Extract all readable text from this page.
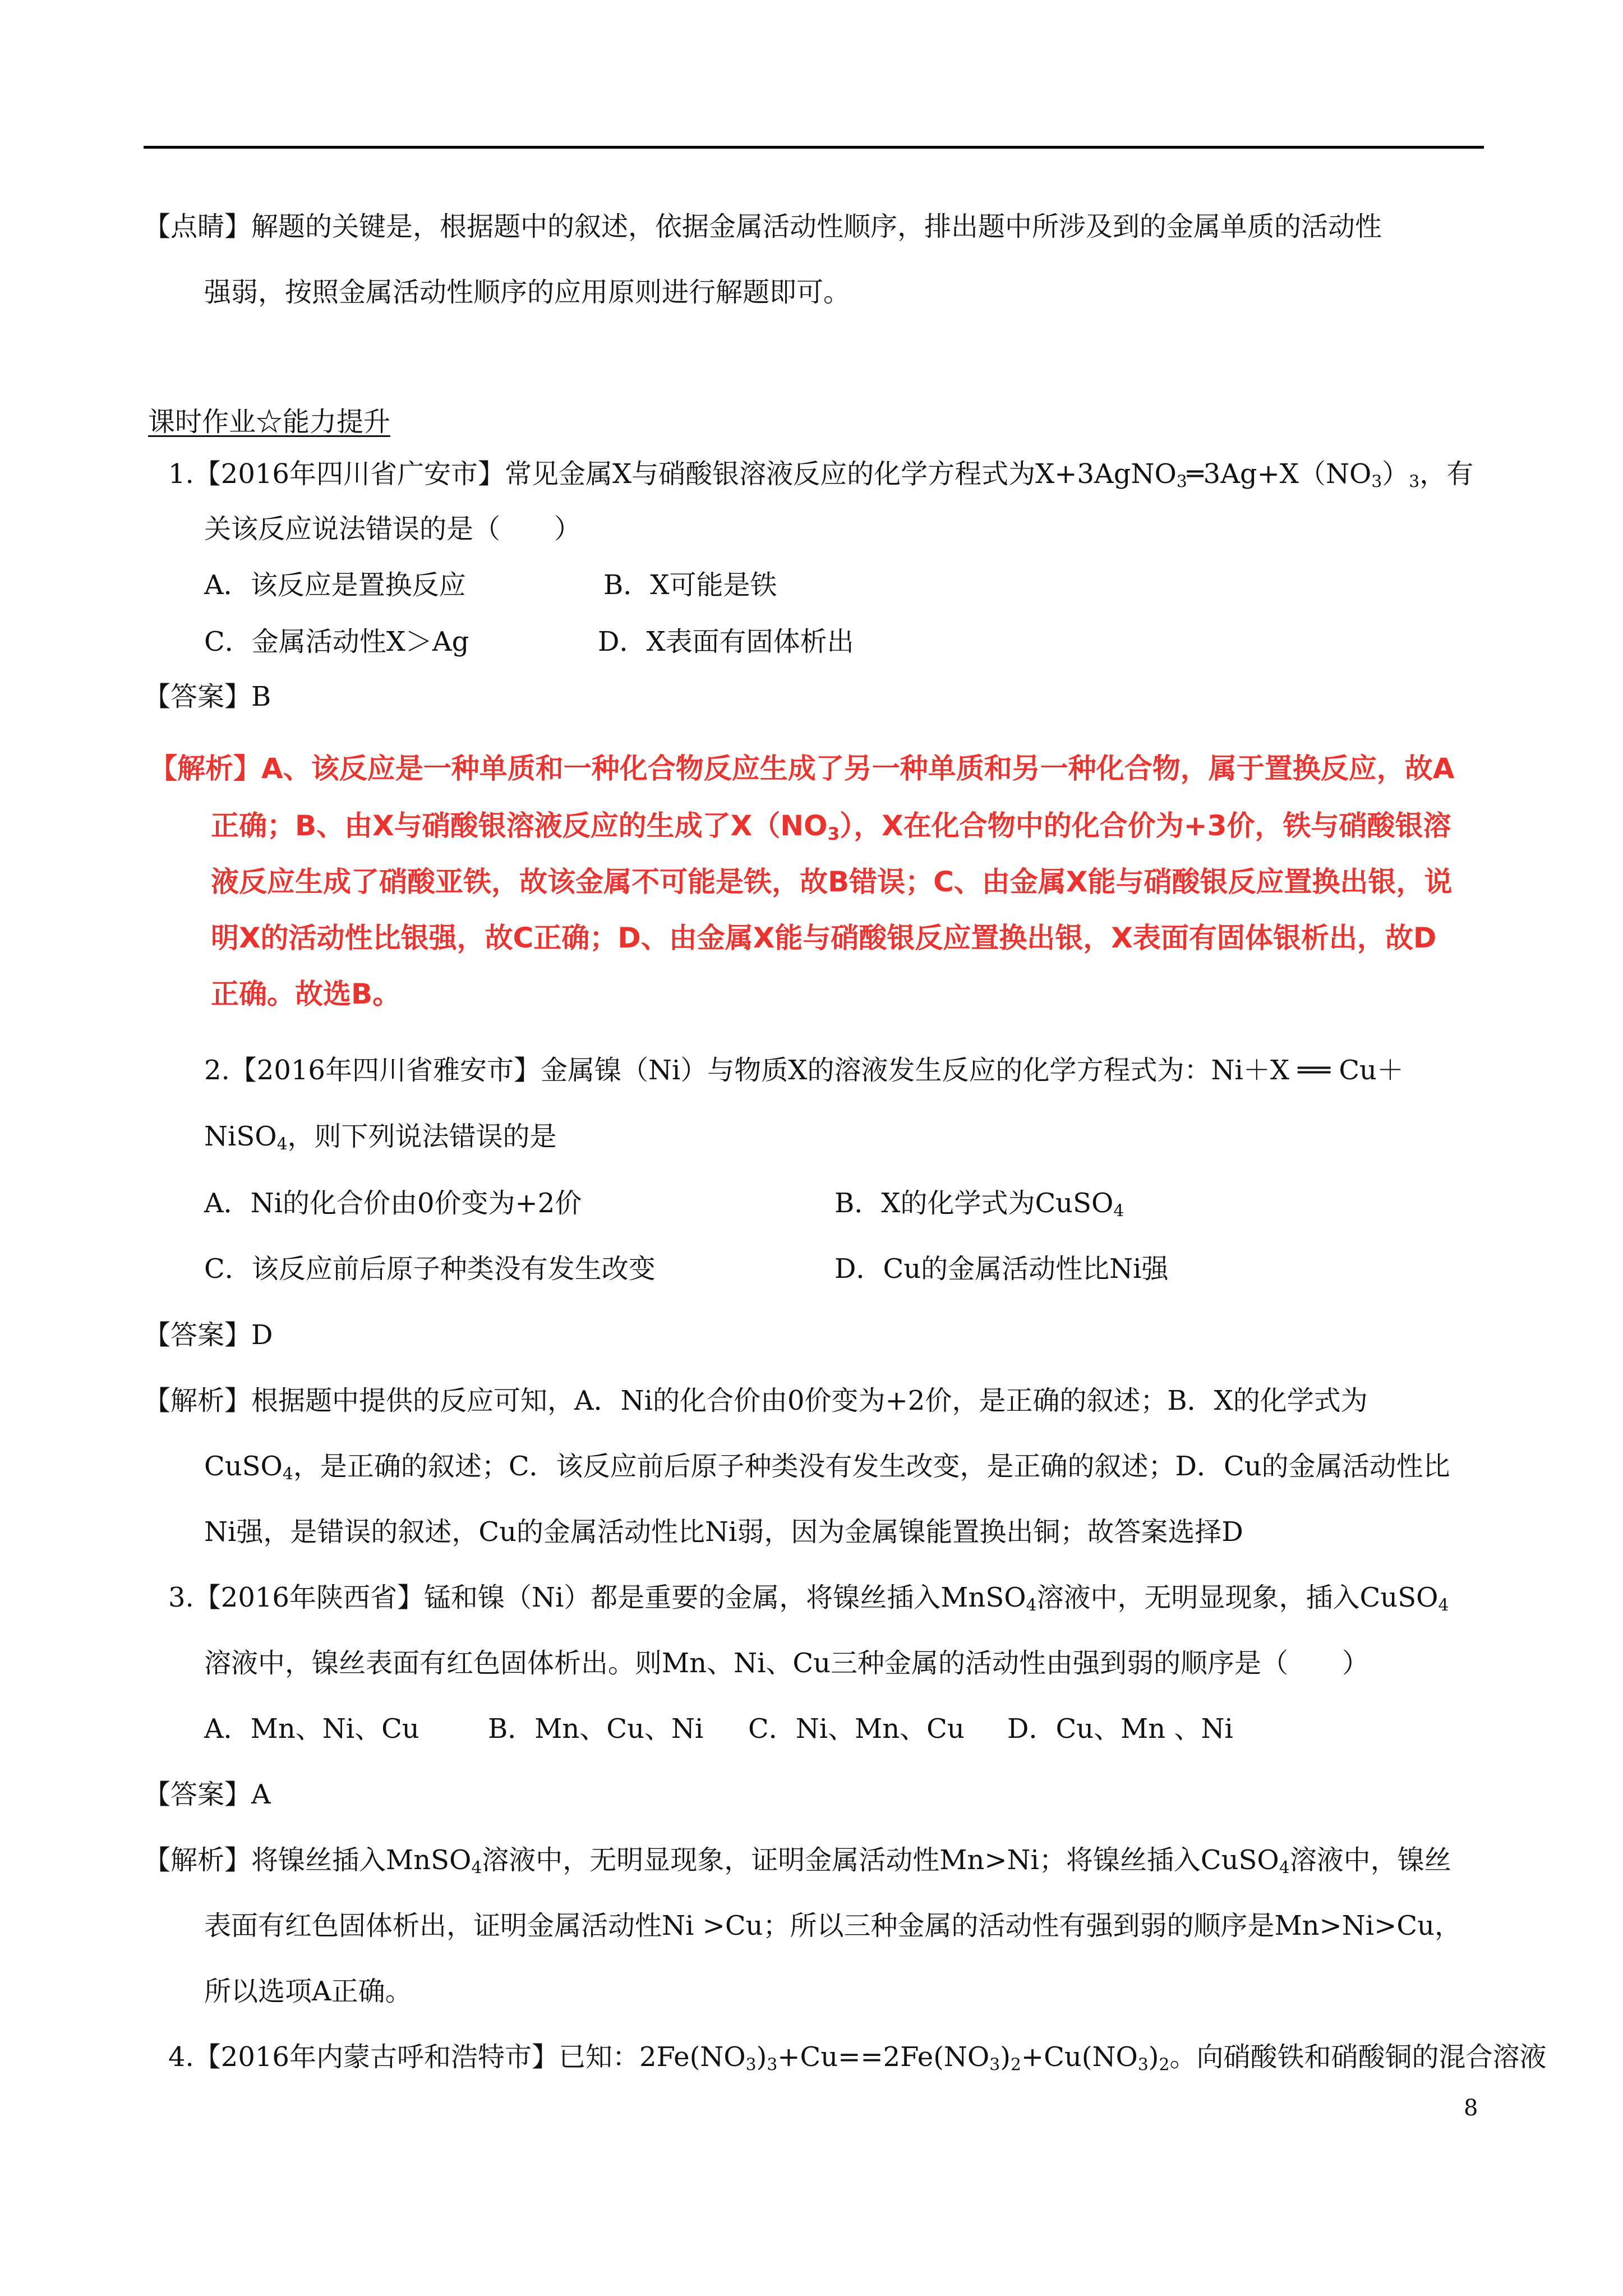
【点睛】解题的关键是，根据题中的叙述，依据金属活动性顺序，排出题中所涉及到的金属单质的活动性
强弱，按照金属活动性顺序的应用原则进行解题即可。
课时作业☆能力提升
1.【2016年四川省广安市】常见金属X与硝酸银溶液反应的化学方程式为$X+3AgNO_3═3Ag+X(NO_3)_3$，有
关该反应说法错误的是（　　）
A．该反应是置换反应	B．X可能是铁
C．金属活动性X＞Ag	D．X表面有固体析出
【答案】B
【解析】A、该反应是一种单质和一种化合物反应生成了另一种单质和另一种化合物，属于置换反应，故A
正确；B、由X与硝酸银溶液反应的生成了$X(NO_3)$，X在化合物中的化合价为+3价，铁与硝酸银溶
液反应生成了硝酸亚铁，故该金属不可能是铁，故B错误；C、由金属X能与硝酸银反应置换出银，说
明X的活动性比银强，故C正确；D、由金属X能与硝酸银反应置换出银，X表面有固体银析出，故D
正确。故选B。
2.【2016年四川省雅安市】金属镍（Ni）与物质X的溶液发生反应的化学方程式为：Ni＋X ══ Cu＋
NiSO$_4$，则下列说法错误的是
A．Ni的化合价由0价变为+2价	B．X的化学式为CuSO$_4$
C．该反应前后原子种类没有发生改变	D．Cu的金属活动性比Ni强
【答案】D
【解析】根据题中提供的反应可知，A．Ni的化合价由0价变为+2价，是正确的叙述；B．X的化学式为
CuSO$_4$，是正确的叙述；C．该反应前后原子种类没有发生改变，是正确的叙述；D．Cu的金属活动性比
Ni强，是错误的叙述，Cu的金属活动性比Ni弱，因为金属镍能置换出铜；故答案选择D
3.【2016年陕西省】锰和镍（Ni）都是重要的金属，将镍丝插入MnSO$_4$溶液中，无明显现象，插入CuSO$_4$
溶液中，镍丝表面有红色固体析出。则Mn、Ni、Cu三种金属的活动性由强到弱的顺序是（　　）
A．Mn、Ni、Cu	B．Mn、Cu、Ni C．Ni、Mn、Cu D．Cu、Mn 、Ni
【答案】A
【解析】将镍丝插入MnSO$_4$溶液中，无明显现象，证明金属活动性Mn>Ni；将镍丝插入CuSO$_4$溶液中，镍丝
表面有红色固体析出，证明金属活动性Ni >Cu；所以三种金属的活动性有强到弱的顺序是Mn>Ni>Cu，
所以选项A正确。
4.【2016年内蒙古呼和浩特市】已知：$2Fe(NO_3)_3+Cu==2Fe(NO_3)_2+Cu(NO_3)_2$。向硝酸铁和硝酸铜的混合溶液
8
